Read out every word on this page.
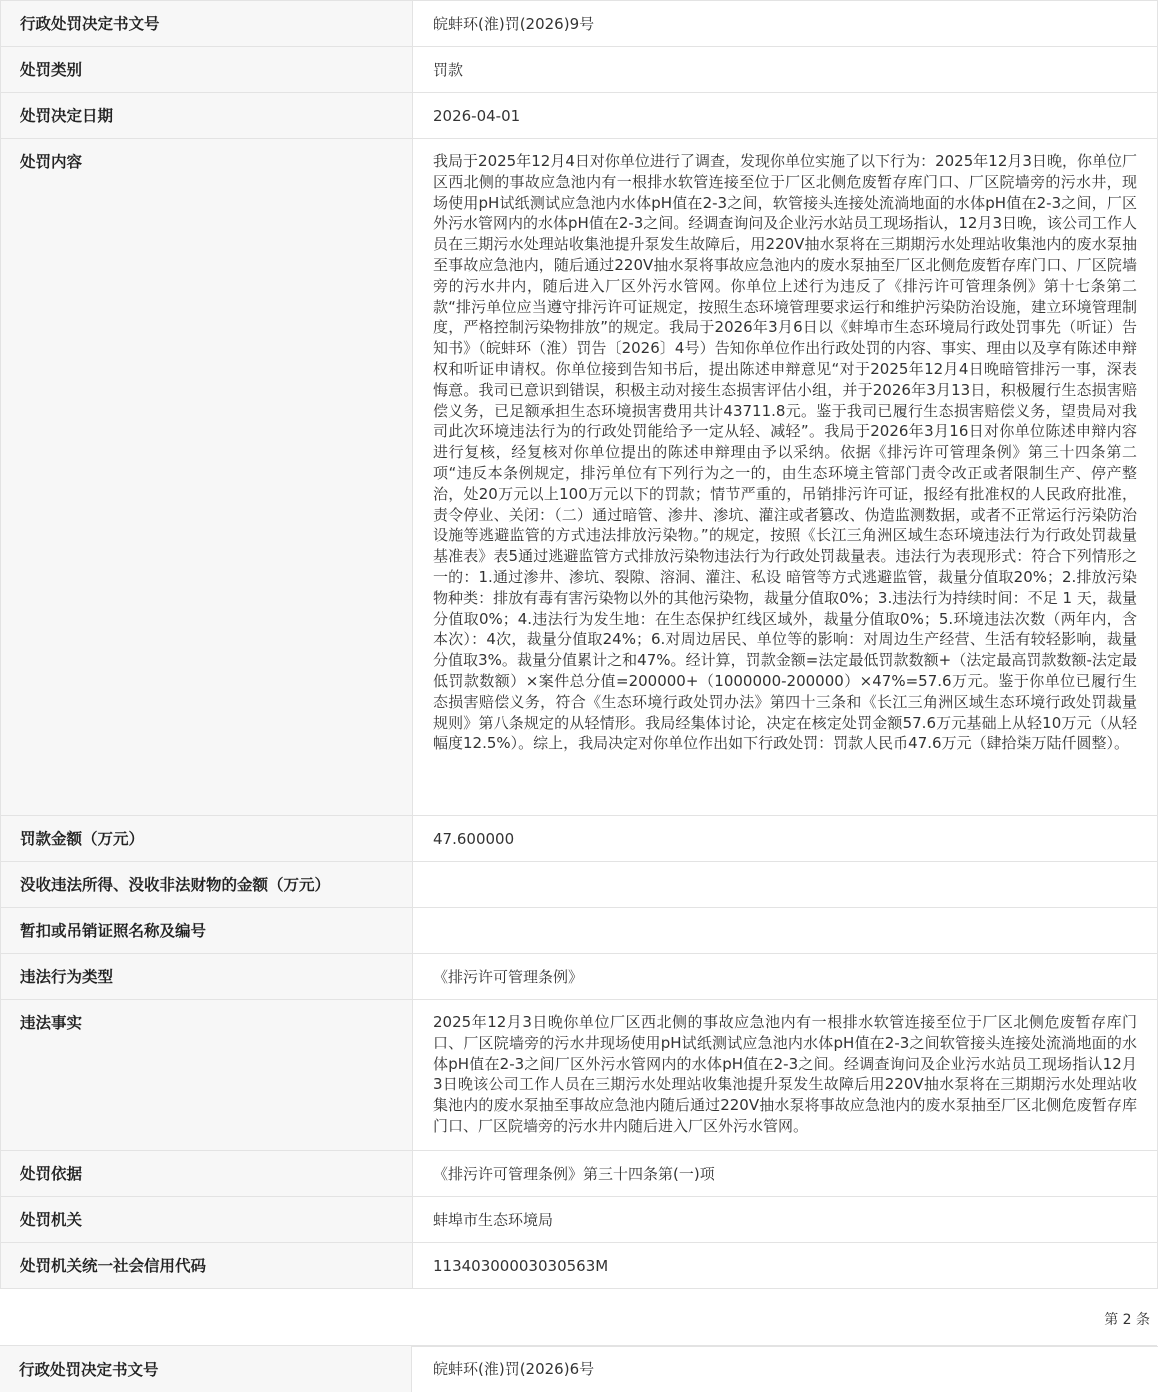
行政处罚决定书文号	皖蚌环(淮)罚(2026)9号
处罚类别	罚款
处罚决定日期	2026-04-01
处罚内容	我局于2025年12月4日对你单位进行了调查，发现你单位实施了以下行为：2025年12月3日晚，你单位厂区西北侧的事故应急池内有一根排水软管连接至位于厂区北侧危废暂存库门口、厂区院墙旁的污水井，现场使用pH试纸测试应急池内水体pH值在2-3之间，软管接头连接处流淌地面的水体pH值在2-3之间，厂区外污水管网内的水体pH值在2-3之间。经调查询问及企业污水站员工现场指认，12月3日晚，该公司工作人员在三期污水处理站收集池提升泵发生故障后，用220V抽水泵将在三期期污水处理站收集池内的废水泵抽至事故应急池内，随后通过220V抽水泵将事故应急池内的废水泵抽至厂区北侧危废暂存库门口、厂区院墙旁的污水井内，随后进入厂区外污水管网。你单位上述行为违反了《排污许可管理条例》第十七条第二款“排污单位应当遵守排污许可证规定，按照生态环境管理要求运行和维护污染防治设施，建立环境管理制度，严格控制污染物排放”的规定。我局于2026年3月6日以《蚌埠市生态环境局行政处罚事先（听证）告知书》（皖蚌环（淮）罚告〔2026〕4号）告知你单位作出行政处罚的内容、事实、理由以及享有陈述申辩权和听证申请权。你单位接到告知书后，提出陈述申辩意见“对于2025年12月4日晚暗管排污一事，深表悔意。我司已意识到错误，积极主动对接生态损害评估小组，并于2026年3月13日，积极履行生态损害赔偿义务，已足额承担生态环境损害费用共计43711.8元。鉴于我司已履行生态损害赔偿义务，望贵局对我司此次环境违法行为的行政处罚能给予一定从轻、减轻”。我局于2026年3月16日对你单位陈述申辩内容进行复核，经复核对你单位提出的陈述申辩理由予以采纳。依据《排污许可管理条例》第三十四条第二项“违反本条例规定，排污单位有下列行为之一的，由生态环境主管部门责令改正或者限制生产、停产整治，处20万元以上100万元以下的罚款；情节严重的，吊销排污许可证，报经有批准权的人民政府批准，责令停业、关闭：（二）通过暗管、渗井、渗坑、灌注或者篡改、伪造监测数据，或者不正常运行污染防治设施等逃避监管的方式违法排放污染物。”的规定，按照《长江三角洲区域生态环境违法行为行政处罚裁量基准表》表5通过逃避监管方式排放污染物违法行为行政处罚裁量表。违法行为表现形式：符合下列情形之一的：1.通过渗井、渗坑、裂隙、溶洞、灌注、私设 暗管等方式逃避监管，裁量分值取20%；2.排放污染物种类：排放有毒有害污染物以外的其他污染物，裁量分值取0%；3.违法行为持续时间：不足 1 天，裁量分值取0%；4.违法行为发生地：在生态保护红线区域外，裁量分值取0%；5.环境违法次数（两年内，含本次）：4次，裁量分值取24%；6.对周边居民、单位等的影响：对周边生产经营、生活有较轻影响，裁量分值取3%。裁量分值累计之和47%。经计算，罚款金额=法定最低罚款数额+（法定最高罚款数额-法定最低罚款数额）×案件总分值=200000+（1000000-200000）×47%=57.6万元。鉴于你单位已履行生态损害赔偿义务，符合《生态环境行政处罚办法》第四十三条和《长江三角洲区域生态环境行政处罚裁量规则》第八条规定的从轻情形。我局经集体讨论，决定在核定处罚金额57.6万元基础上从轻10万元（从轻幅度12.5%）。综上，我局决定对你单位作出如下行政处罚：罚款人民币47.6万元（肆拾柒万陆仟圆整）。
罚款金额（万元）	47.600000
没收违法所得、没收非法财物的金额（万元）	
暂扣或吊销证照名称及编号	
违法行为类型	《排污许可管理条例》
违法事实	2025年12月3日晚你单位厂区西北侧的事故应急池内有一根排水软管连接至位于厂区北侧危废暂存库门口、厂区院墙旁的污水井现场使用pH试纸测试应急池内水体pH值在2-3之间软管接头连接处流淌地面的水体pH值在2-3之间厂区外污水管网内的水体pH值在2-3之间。经调查询问及企业污水站员工现场指认12月3日晚该公司工作人员在三期污水处理站收集池提升泵发生故障后用220V抽水泵将在三期期污水处理站收集池内的废水泵抽至事故应急池内随后通过220V抽水泵将事故应急池内的废水泵抽至厂区北侧危废暂存库门口、厂区院墙旁的污水井内随后进入厂区外污水管网。
处罚依据	《排污许可管理条例》第三十四条第(一)项
处罚机关	蚌埠市生态环境局
处罚机关统一社会信用代码	11340300003030563M
第 2 条
行政处罚决定书文号	皖蚌环(淮)罚(2026)6号
